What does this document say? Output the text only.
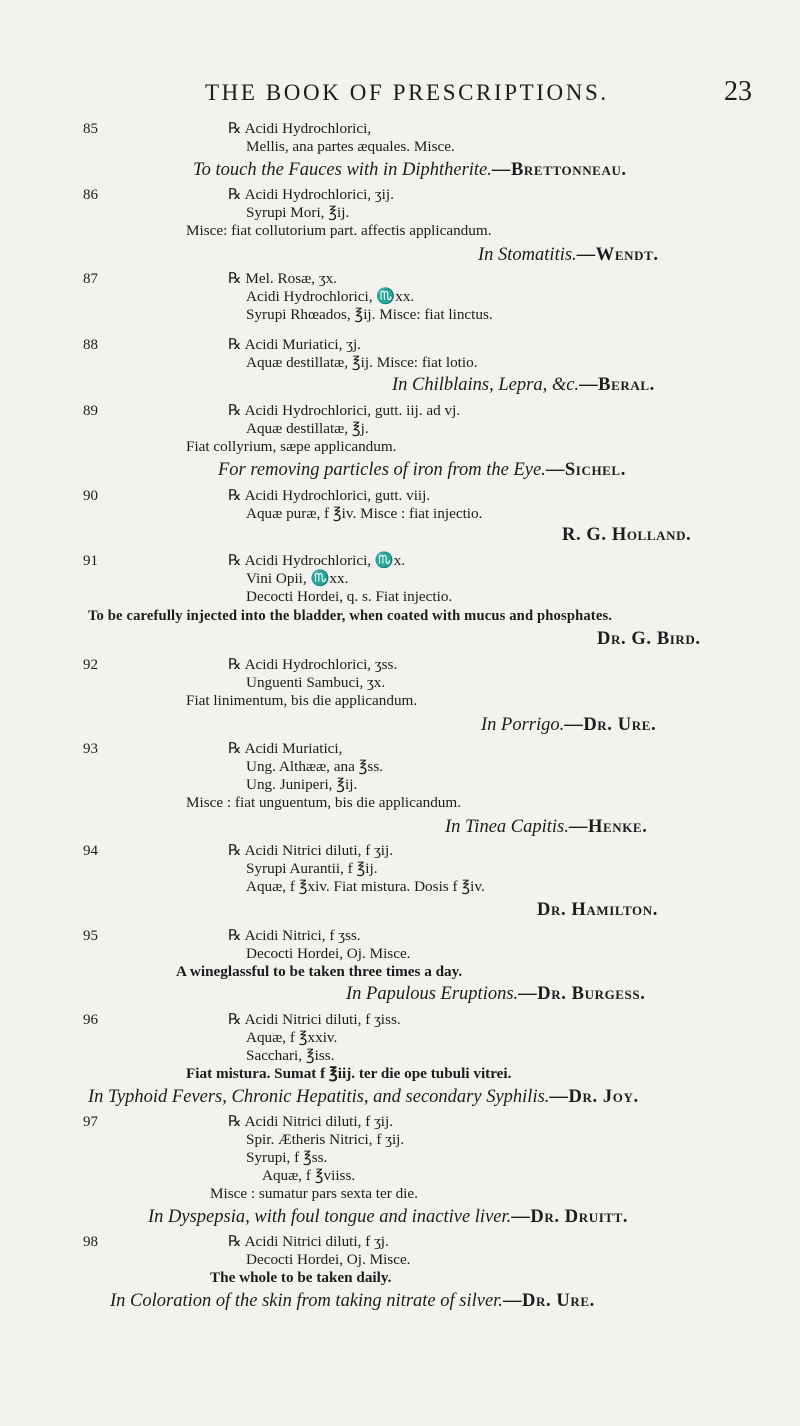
THE BOOK OF PRESCRIPTIONS.	23
85	℞ Acidi Hydrochlorici,
Mellis, ana partes æquales. Misce.
To touch the Fauces with in Diphtherite.—Brettonneau.
86	℞ Acidi Hydrochlorici, ʒij.
Syrupi Mori, ℥ij.
Misce: fiat collutorium part. affectis applicandum.
In Stomatitis.—Wendt.
87	℞ Mel. Rosæ, ʒx.
Acidi Hydrochlorici, ♏xx.
Syrupi Rhœados, ℥ij. Misce: fiat linctus.
88	℞ Acidi Muriatici, ʒj.
Aquæ destillatæ, ℥ij. Misce: fiat lotio.
In Chilblains, Lepra, &c.—Beral.
89	℞ Acidi Hydrochlorici, gutt. iij. ad vj.
Aquæ destillatæ, ℥j.
Fiat collyrium, sæpe applicandum.
For removing particles of iron from the Eye.—Sichel.
90	℞ Acidi Hydrochlorici, gutt. viij.
Aquæ puræ, f ℥iv. Misce : fiat injectio.
R. G. Holland.
91	℞ Acidi Hydrochlorici, ♏x.
Vini Opii, ♏xx.
Decocti Hordei, q. s. Fiat injectio.
To be carefully injected into the bladder, when coated with mucus and phosphates.
Dr. G. Bird.
92	℞ Acidi Hydrochlorici, ʒss.
Unguenti Sambuci, ʒx.
Fiat linimentum, bis die applicandum.
In Porrigo.—Dr. Ure.
93	℞ Acidi Muriatici,
Ung. Althææ, ana ℥ss.
Ung. Juniperi, ℥ij.
Misce : fiat unguentum, bis die applicandum.
In Tinea Capitis.—Henke.
94	℞ Acidi Nitrici diluti, f ʒij.
Syrupi Aurantii, f ℥ij.
Aquæ, f ℥xiv. Fiat mistura. Dosis f ℥iv.
Dr. Hamilton.
95	℞ Acidi Nitrici, f ʒss.
Decocti Hordei, Oj. Misce.
A wineglassful to be taken three times a day.
In Papulous Eruptions.—Dr. Burgess.
96	℞ Acidi Nitrici diluti, f ʒiss.
Aquæ, f ℥xxiv.
Sacchari, ℥iss.
Fiat mistura. Sumat f ℥iij. ter die ope tubuli vitrei.
In Typhoid Fevers, Chronic Hepatitis, and secondary Syphilis.—Dr. Joy.
97	℞ Acidi Nitrici diluti, f ʒij.
Spir. Ætheris Nitrici, f ʒij.
Syrupi, f ℥ss.
Aquæ, f ℥viiss.
Misce : sumatur pars sexta ter die.
In Dyspepsia, with foul tongue and inactive liver.—Dr. Druitt.
98	℞ Acidi Nitrici diluti, f ʒj.
Decocti Hordei, Oj. Misce.
The whole to be taken daily.
In Coloration of the skin from taking nitrate of silver.—Dr. Ure.
